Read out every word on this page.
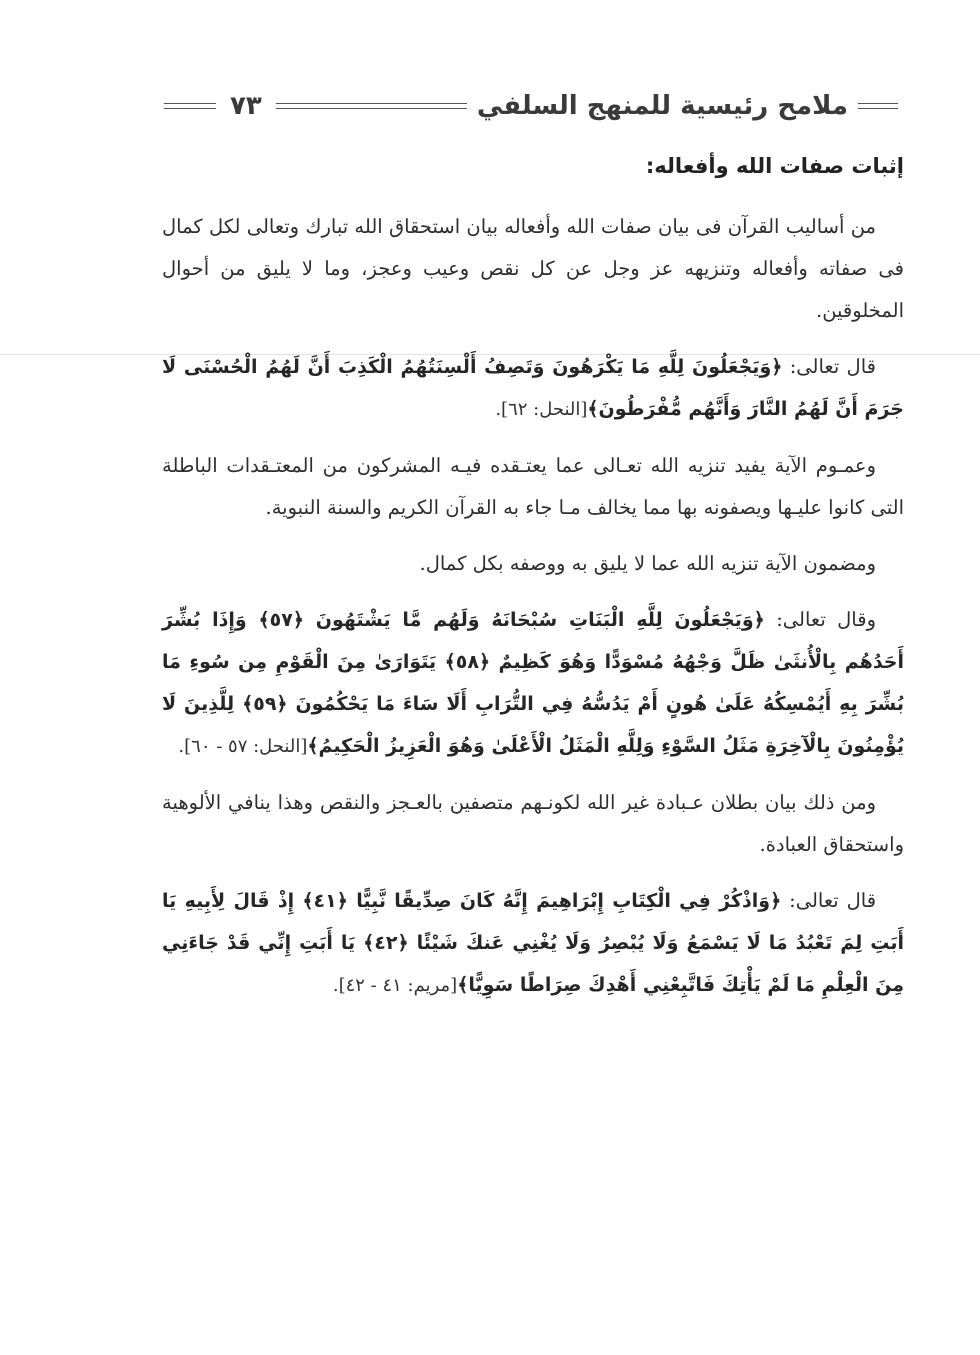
ملامح رئيسية للمنهج السلفي
٧٣
إثبات صفات الله وأفعاله:

من أساليب القرآن فى بيان صفات الله وأفعاله بيان استحقاق الله تبارك وتعالى لكل كمال فى صفاته وأفعاله وتنزيهه عز وجل عن كل نقص وعيب وعجز، وما لا يليق من أحوال المخلوقين.

قال تعالى: ﴿وَيَجْعَلُونَ لِلَّهِ مَا يَكْرَهُونَ وَتَصِفُ أَلْسِنَتُهُمُ الْكَذِبَ أَنَّ لَهُمُ الْحُسْنَى لَا جَرَمَ أَنَّ لَهُمُ النَّارَ وَأَنَّهُم مُّفْرَطُونَ﴾[النحل: ٦٢].

وعمـوم الآية يفيد تنزيه الله تعـالى عما يعتـقده فيـه المشركون من المعتـقدات الباطلة التى كانوا عليـها ويصفونه بها مما يخالف مـا جاء به القرآن الكريم والسنة النبوية.

ومضمون الآية تنزيه الله عما لا يليق به ووصفه بكل كمال.

وقال تعالى: ﴿وَيَجْعَلُونَ لِلَّهِ الْبَنَاتِ سُبْحَانَهُ وَلَهُم مَّا يَشْتَهُونَ ﴿٥٧﴾ وَإِذَا بُشِّرَ أَحَدُهُم بِالْأُنثَىٰ ظَلَّ وَجْهُهُ مُسْوَدًّا وَهُوَ كَظِيمٌ ﴿٥٨﴾ يَتَوَارَىٰ مِنَ الْقَوْمِ مِن سُوءِ مَا بُشِّرَ بِهِ أَيُمْسِكُهُ عَلَىٰ هُونٍ أَمْ يَدُسُّهُ فِي التُّرَابِ أَلَا سَاءَ مَا يَحْكُمُونَ ﴿٥٩﴾ لِلَّذِينَ لَا يُؤْمِنُونَ بِالْآخِرَةِ مَثَلُ السَّوْءِ وَلِلَّهِ الْمَثَلُ الْأَعْلَىٰ وَهُوَ الْعَزِيزُ الْحَكِيمُ﴾[النحل: ٥٧ - ٦٠].

ومن ذلك بيان بطلان عـبادة غير الله لكونـهم متصفين بالعـجز والنقص وهذا ينافي الألوهية واستحقاق العبادة.

قال تعالى: ﴿وَاذْكُرْ فِي الْكِتَابِ إِبْرَاهِيمَ إِنَّهُ كَانَ صِدِّيقًا نَّبِيًّا ﴿٤١﴾ إِذْ قَالَ لِأَبِيهِ يَا أَبَتِ لِمَ تَعْبُدُ مَا لَا يَسْمَعُ وَلَا يُبْصِرُ وَلَا يُغْنِي عَنكَ شَيْئًا ﴿٤٢﴾ يَا أَبَتِ إِنِّي قَدْ جَاءَنِي مِنَ الْعِلْمِ مَا لَمْ يَأْتِكَ فَاتَّبِعْنِي أَهْدِكَ صِرَاطًا سَوِيًّا﴾[مريم: ٤١ - ٤٢].
